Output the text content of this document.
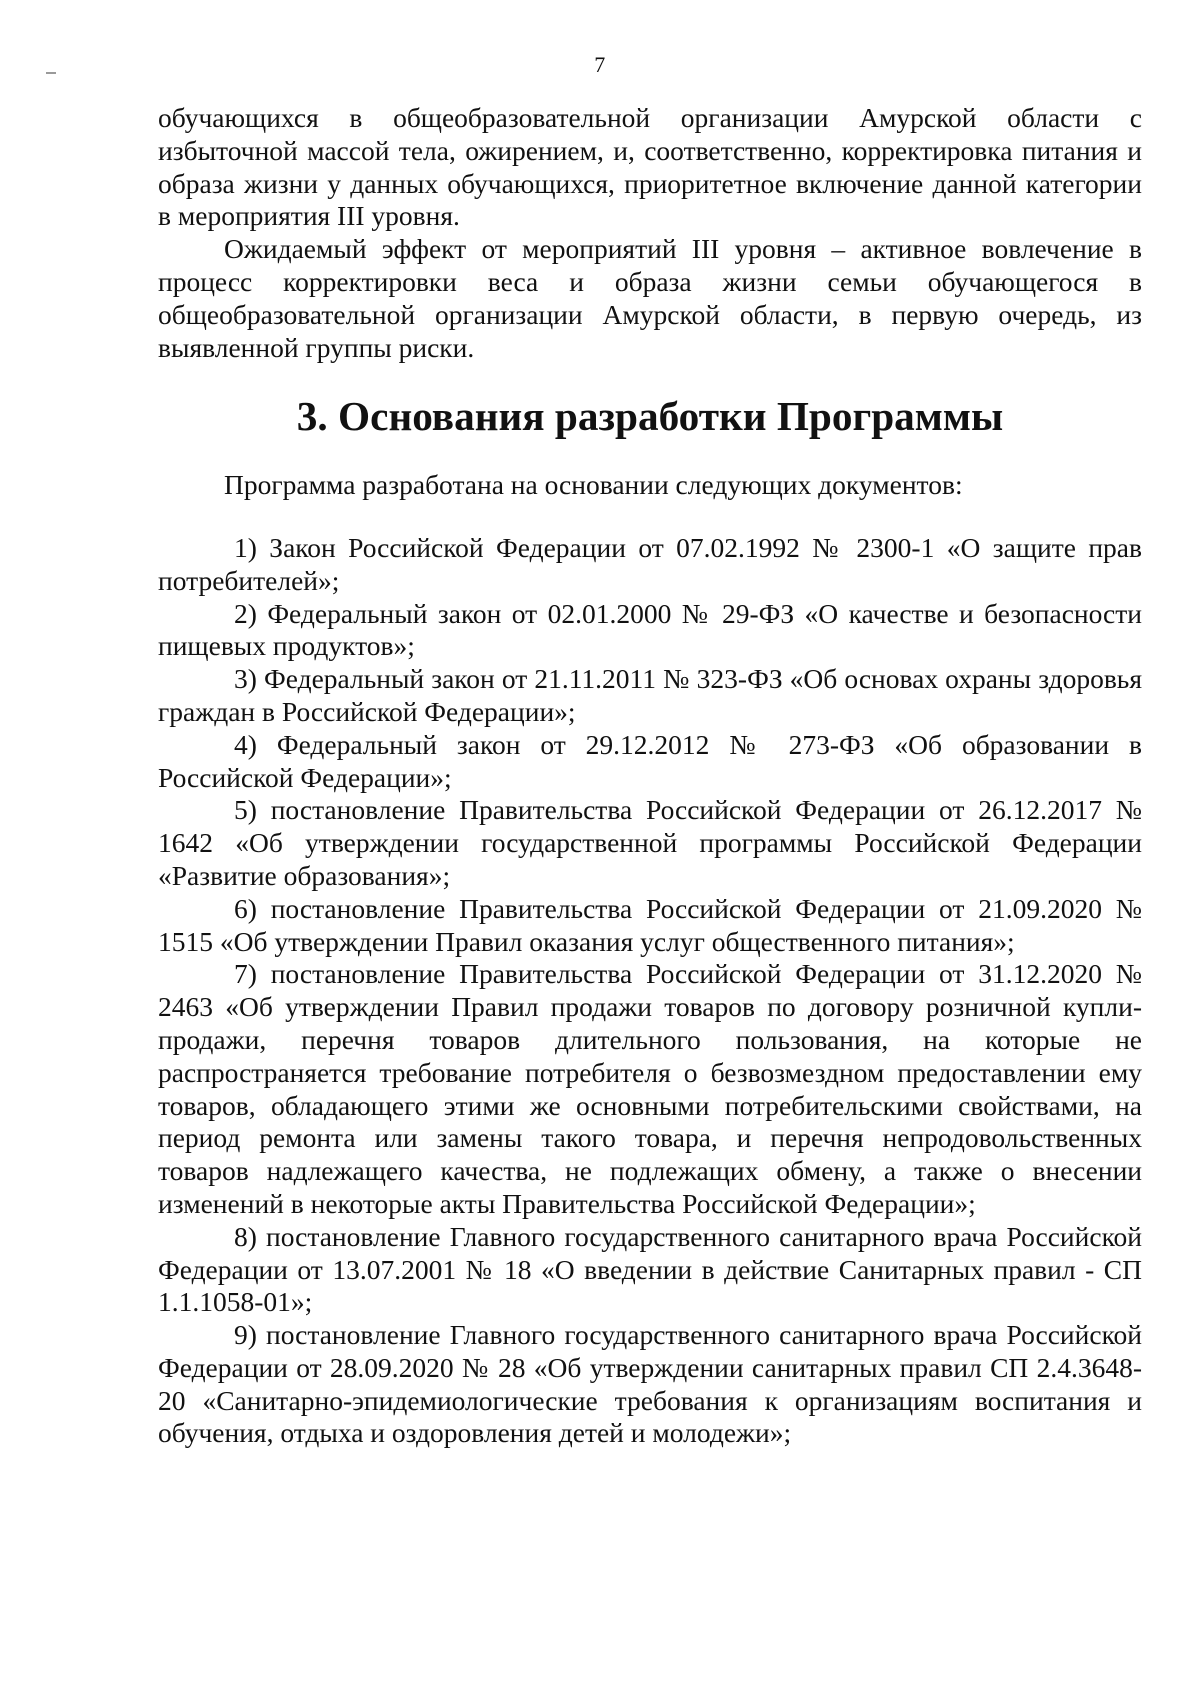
7

обучающихся в общеобразовательной организации Амурской области с избыточной массой тела, ожирением, и, соответственно, корректировка питания и образа жизни у данных обучающихся, приоритетное включение данной категории в мероприятия III уровня.

Ожидаемый эффект от мероприятий III уровня – активное вовлечение в процесс корректировки веса и образа жизни семьи обучающегося в общеобразовательной организации Амурской области, в первую очередь, из выявленной группы риски.

3. Основания разработки Программы

Программа разработана на основании следующих документов:

1) Закон Российской Федерации от 07.02.1992 № 2300-1 «О защите прав потребителей»;

2) Федеральный закон от 02.01.2000 № 29-ФЗ «О качестве и безопасности пищевых продуктов»;

3) Федеральный закон от 21.11.2011 № 323-ФЗ «Об основах охраны здоровья граждан в Российской Федерации»;

4) Федеральный закон от 29.12.2012 № 273-ФЗ «Об образовании в Российской Федерации»;

5) постановление Правительства Российской Федерации от 26.12.2017 № 1642 «Об утверждении государственной программы Российской Федерации «Развитие образования»;

6) постановление Правительства Российской Федерации от 21.09.2020 № 1515 «Об утверждении Правил оказания услуг общественного питания»;

7) постановление Правительства Российской Федерации от 31.12.2020 № 2463 «Об утверждении Правил продажи товаров по договору розничной купли-продажи, перечня товаров длительного пользования, на которые не распространяется требование потребителя о безвозмездном предоставлении ему товаров, обладающего этими же основными потребительскими свойствами, на период ремонта или замены такого товара, и перечня непродовольственных товаров надлежащего качества, не подлежащих обмену, а также о внесении изменений в некоторые акты Правительства Российской Федерации»;

8) постановление Главного государственного санитарного врача Российской Федерации от 13.07.2001 № 18 «О введении в действие Санитарных правил - СП 1.1.1058-01»;

9) постановление Главного государственного санитарного врача Российской Федерации от 28.09.2020 № 28 «Об утверждении санитарных правил СП 2.4.3648-20 «Санитарно-эпидемиологические требования к организациям воспитания и обучения, отдыха и оздоровления детей и молодежи»;
